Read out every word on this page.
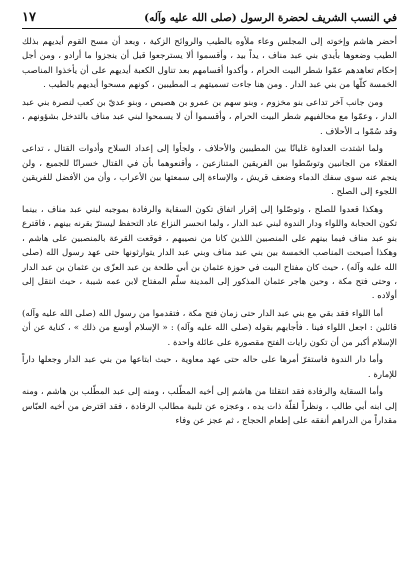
في النسب الشريف لحضرة الرسول (صلى الله عليه وآله)
١٧

أحضر هاشم وإخوته إلى المجلس وعاء ملأوه بالطيب والروائح الزكية ، وبعد أن مسح القوم أيديهم بذلك الطيب وضعوها بأيدي بني عبد مناف ، يداً بيد ، وأقسموا ألا يسترجعوا قبل أن ينجزوا ما أرادو ، ومن أجل إحكام تعاهدهم عمّوا شطر البيت الحرام ، وأكدوا أقسامهم بعد تناول الكعبة أيديهم على أن يأخذوا المناصب الخمسة كلّها من بني عبد الدار . ومن هنا جاءت تسميتهم بـ المطيبين ، كونهم مسحوا أيديهم بالطيب .

ومن جانب آخر تداعى بنو مخزوم ، وبنو سهم بن عمرو بن هصيص ، وبنو عديّ بن كعب لنصرة بني عبد الدار ، وعمّوا مع محالفيهم شطر البيت الحرام ، وأقسموا أن لا يسمحوا لبني عبد مناف بالتدخل بشؤونهم ، وقد سُمّوا بـ الأحلاف .

ولما اشتدت العداوة غليانًا بين المطيبين والأحلاف ، ولجأوا إلى إعداد السلاح وأدوات القتال ، تداعى العقلاء من الجانبين وتوسّطوا بين الفريقين المتنازعين ، وأقنعوهما بأن في القتال خسرانًا للجميع ، ولن ينجم عنه سوى سفك الدماء وضعف قريش ، والإساءة إلى سمعتها بين الأعراب ، وأن من الأفضل للفريقين اللجوء إلى الصلح .

وهكذا قعدوا للصلح ، وتوصّلوا إلى إقرار اتفاق تكون السقاية والرفادة بموجبه لبني عبد مناف ، بينما تكون الحجابة واللواء ودار الندوة لبني عبد الدار ، ولما انحسر النزاع عاد التحفظ ليسترّ بقرنه بينهم ، فاقترع بنو عبد مناف فيما بينهم على المنصبين اللذين كانا من نصيبهم ، فوقعت القرعة بالمنصبين على هاشم ، وهكذا أصبحت المناصب الخمسة بين بني عبد مناف وبني عبد الدار يتوارثونها حتى عهد رسول الله (صلى الله عليه وآله) ، حيث كان مفتاح البيت في حوزة عثمان بن أبي طلحة بن عبد العزّى بن عثمان بن عبد الدار ، وحتى فتح مكة ، وحين هاجر عثمان المذكور إلى المدينة سلّم المفتاح لابن عمه شيبة ، حيث انتقل إلى أولاده .

أما اللواء فقد بقي مع بني عبد الدار حتى زمان فتح مكة ، فتقدموا من رسول الله (صلى الله عليه وآله) قائلين : اجعل اللواء فينا . فأجابهم بقوله (صلى الله عليه وآله) : « الإسلام أوسع من ذلك » ، كناية عن أن الإسلام أكبر من أن تكون رايات الفتح مقصورة على عائلة واحدة .

وأما دار الندوة فاستقرّ أمرها على حاله حتى عهد معاوية ، حيث ابتاعها من بني عبد الدار وجعلها داراً للإمارة .

وأما السقاية والرفادة فقد انتقلتا من هاشم إلى أخيه المطّلب ، ومنه إلى عبد المطّلب بن هاشم ، ومنه إلى ابنه أبي طالب ، ونظراً لقلّة ذات يده ، وعجزه عن تلبية مطالب الرفادة ، فقد اقترض من أخيه العبّاس مقداراً من الدراهم أنفقه على إطعام الحجاج ، ثم عجز عن وفاء
